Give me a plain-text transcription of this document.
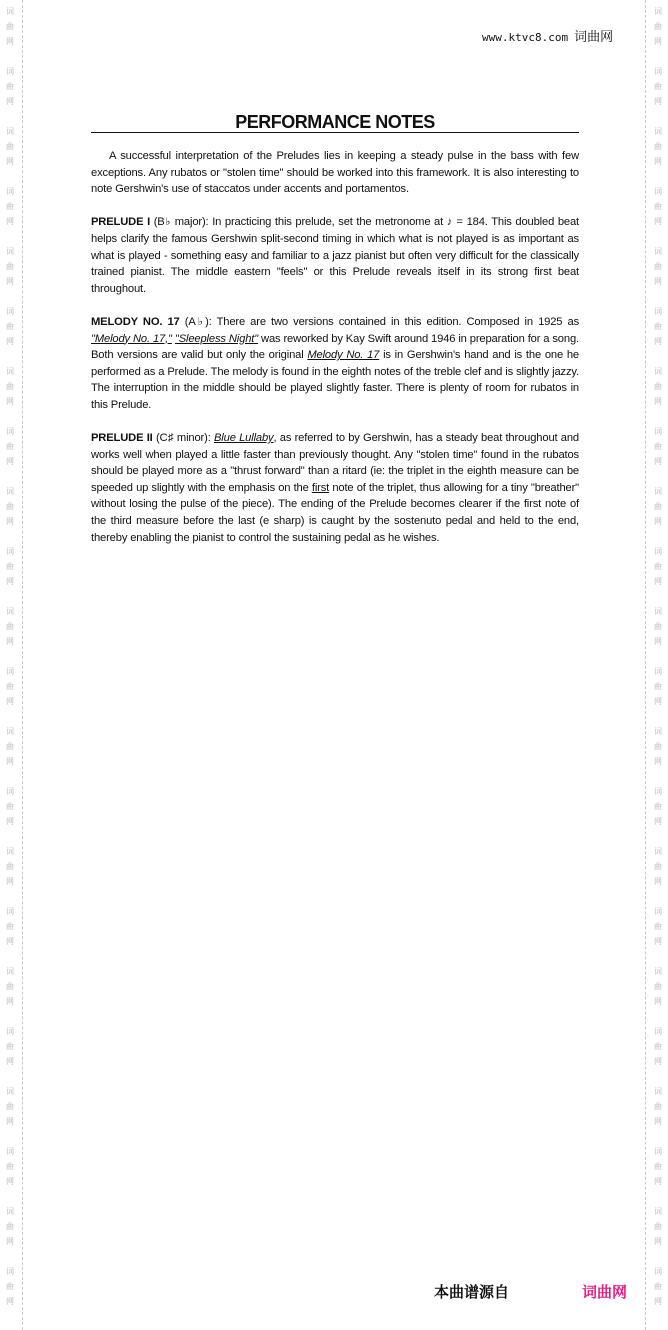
www.ktvc8.com 词曲网
PERFORMANCE NOTES

A successful interpretation of the Preludes lies in keeping a steady pulse in the bass with few exceptions. Any rubatos or "stolen time" should be worked into this framework. It is also interesting to note Gershwin's use of staccatos under accents and portamentos.

PRELUDE I (B♭ major): In practicing this prelude, set the metronome at ♪ = 184. This doubled beat helps clarify the famous Gershwin split-second timing in which what is not played is as important as what is played - something easy and familiar to a jazz pianist but often very difficult for the classically trained pianist. The middle eastern "feels" or this Prelude reveals itself in its strong first beat throughout.

MELODY NO. 17 (A♭): There are two versions contained in this edition. Composed in 1925 as "Melody No. 17," "Sleepless Night" was reworked by Kay Swift around 1946 in preparation for a song. Both versions are valid but only the original Melody No. 17 is in Gershwin's hand and is the one he performed as a Prelude. The melody is found in the eighth notes of the treble clef and is slightly jazzy. The interruption in the middle should be played slightly faster. There is plenty of room for rubatos in this Prelude.

PRELUDE II (C♯ minor): Blue Lullaby, as referred to by Gershwin, has a steady beat throughout and works well when played a little faster than previously thought. Any "stolen time" found in the rubatos should be played more as a "thrust forward" than a ritard (ie: the triplet in the eighth measure can be speeded up slightly with the emphasis on the first note of the triplet, thus allowing for a tiny "breather" without losing the pulse of the piece). The ending of the Prelude becomes clearer if the first note of the third measure before the last (e sharp) is caught by the sostenuto pedal and held to the end, thereby enabling the pianist to control the sustaining pedal as he wishes.

本曲谱源自	词曲网
词
曲
网
词
曲
网
词
曲
网
词
曲
网
词
曲
网
词
曲
网
词
曲
网
词
曲
网
词
曲
网
词
曲
网
词
曲
网
词
曲
网
词
曲
网
词
曲
网
词
曲
网
词
曲
网
词
曲
网
词
曲
网
词
曲
网
词
曲
网
词
曲
网
词
曲
网
词
曲
网
词
曲
网
词
曲
网
词
曲
网
词
曲
网
词
曲
网
词
曲
网
词
曲
网
词
曲
网
词
曲
网
词
曲
网
词
曲
网
词
曲
网
词
曲
网
词
曲
网
词
曲
网
词
曲
网
词
曲
网
词
曲
网
词
曲
网
词
曲
网
词
曲
网
